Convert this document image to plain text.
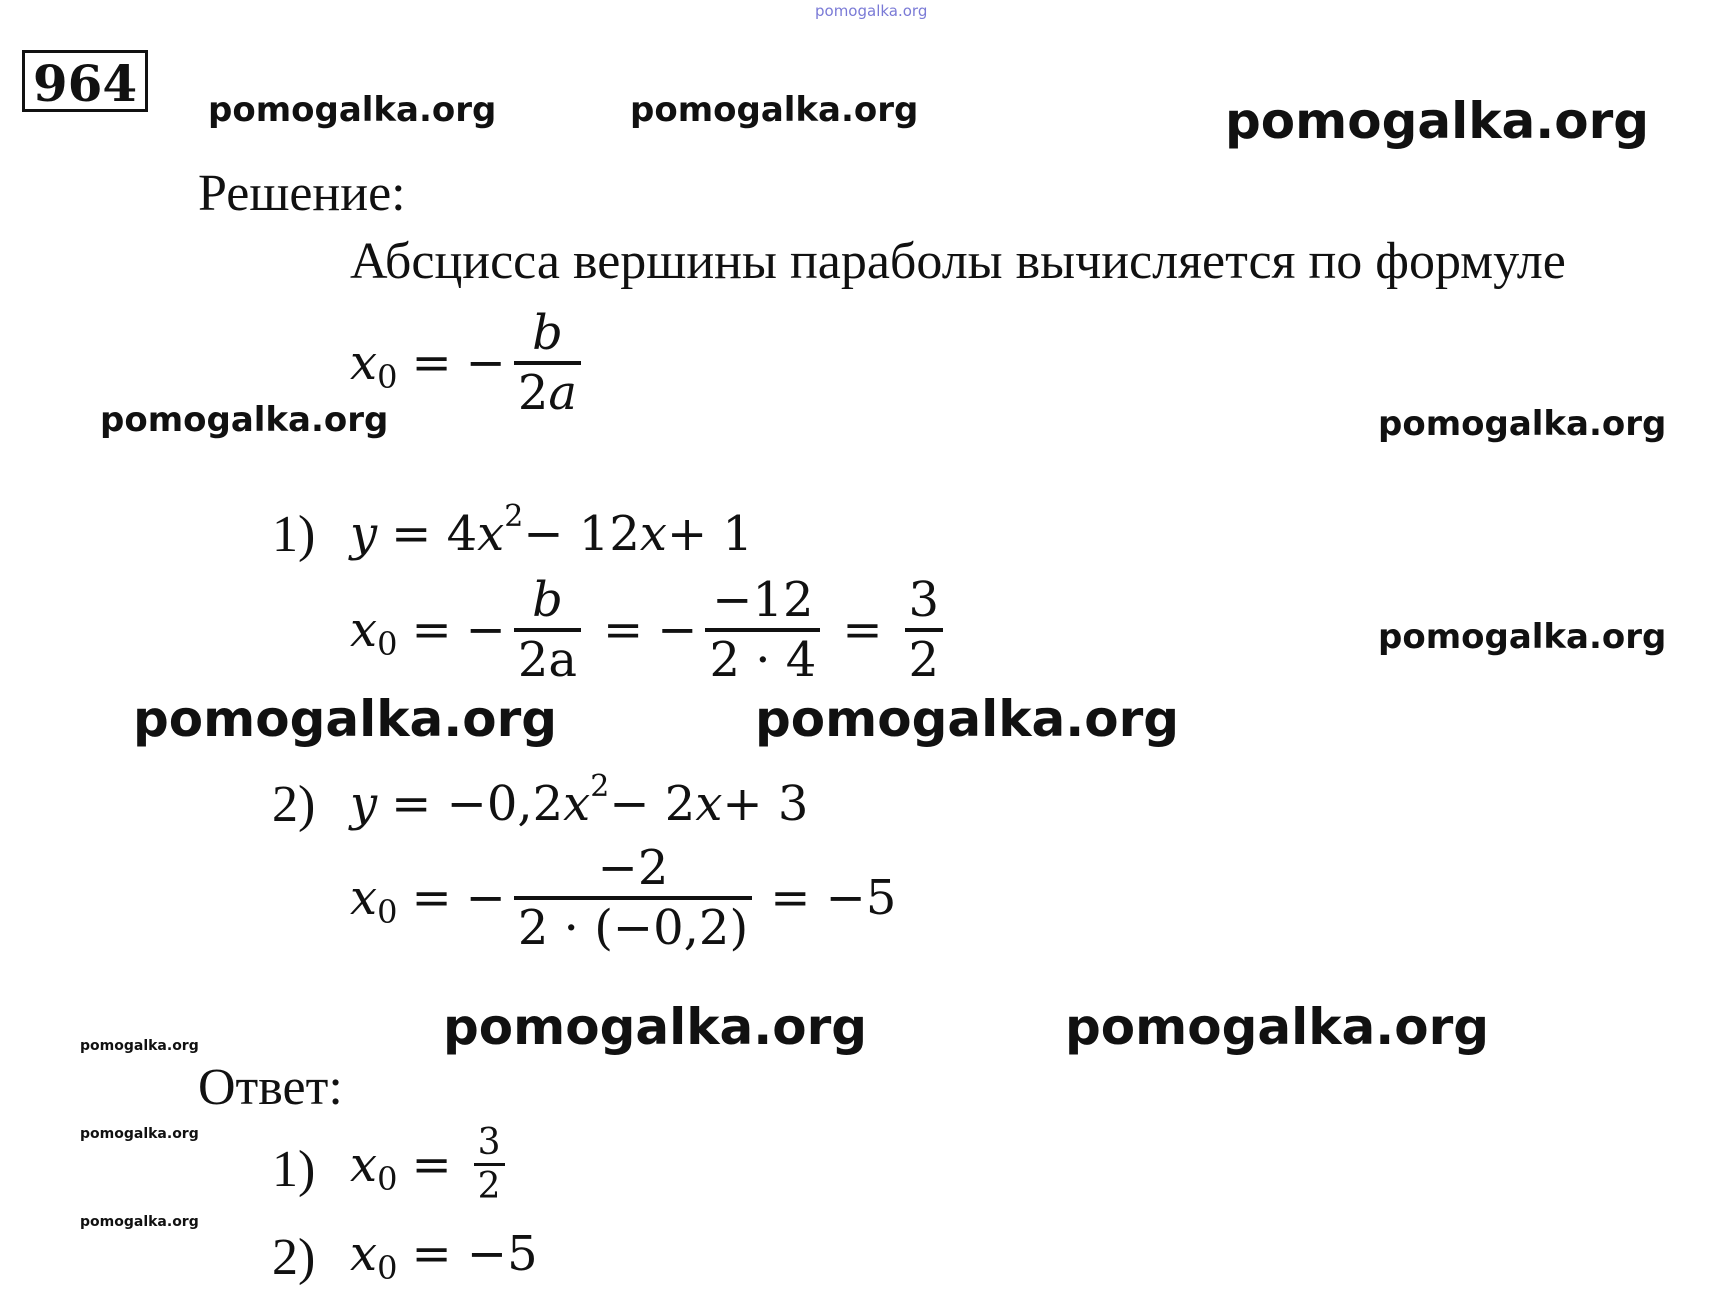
pomogalka.org
pomogalka.org	pomogalka.org	pomogalka.org
pomogalka.org	pomogalka.org
pomogalka.org
pomogalka.org	pomogalka.org
pomogalka.org	pomogalka.org
pomogalka.org
pomogalka.org
pomogalka.org
964
Решение:
Абсцисса вершины параболы вычисляется по формуле
x 0 = − $\frac{b}{2a}$
1) y = 4 x 2 − 12 x + 1
x 0 = − $\frac{b}{2a}$ = − $\frac{-12}{2 \cdot 4} = \frac{3}{2}$
2) y = −0,2 x 2 − 2 x + 3
x 0 = − $\frac{-2}{2 \cdot (-0,2)} = -5$
Ответ:
1) x $0 = \frac{3}{2}$
2) x 0 = −5
